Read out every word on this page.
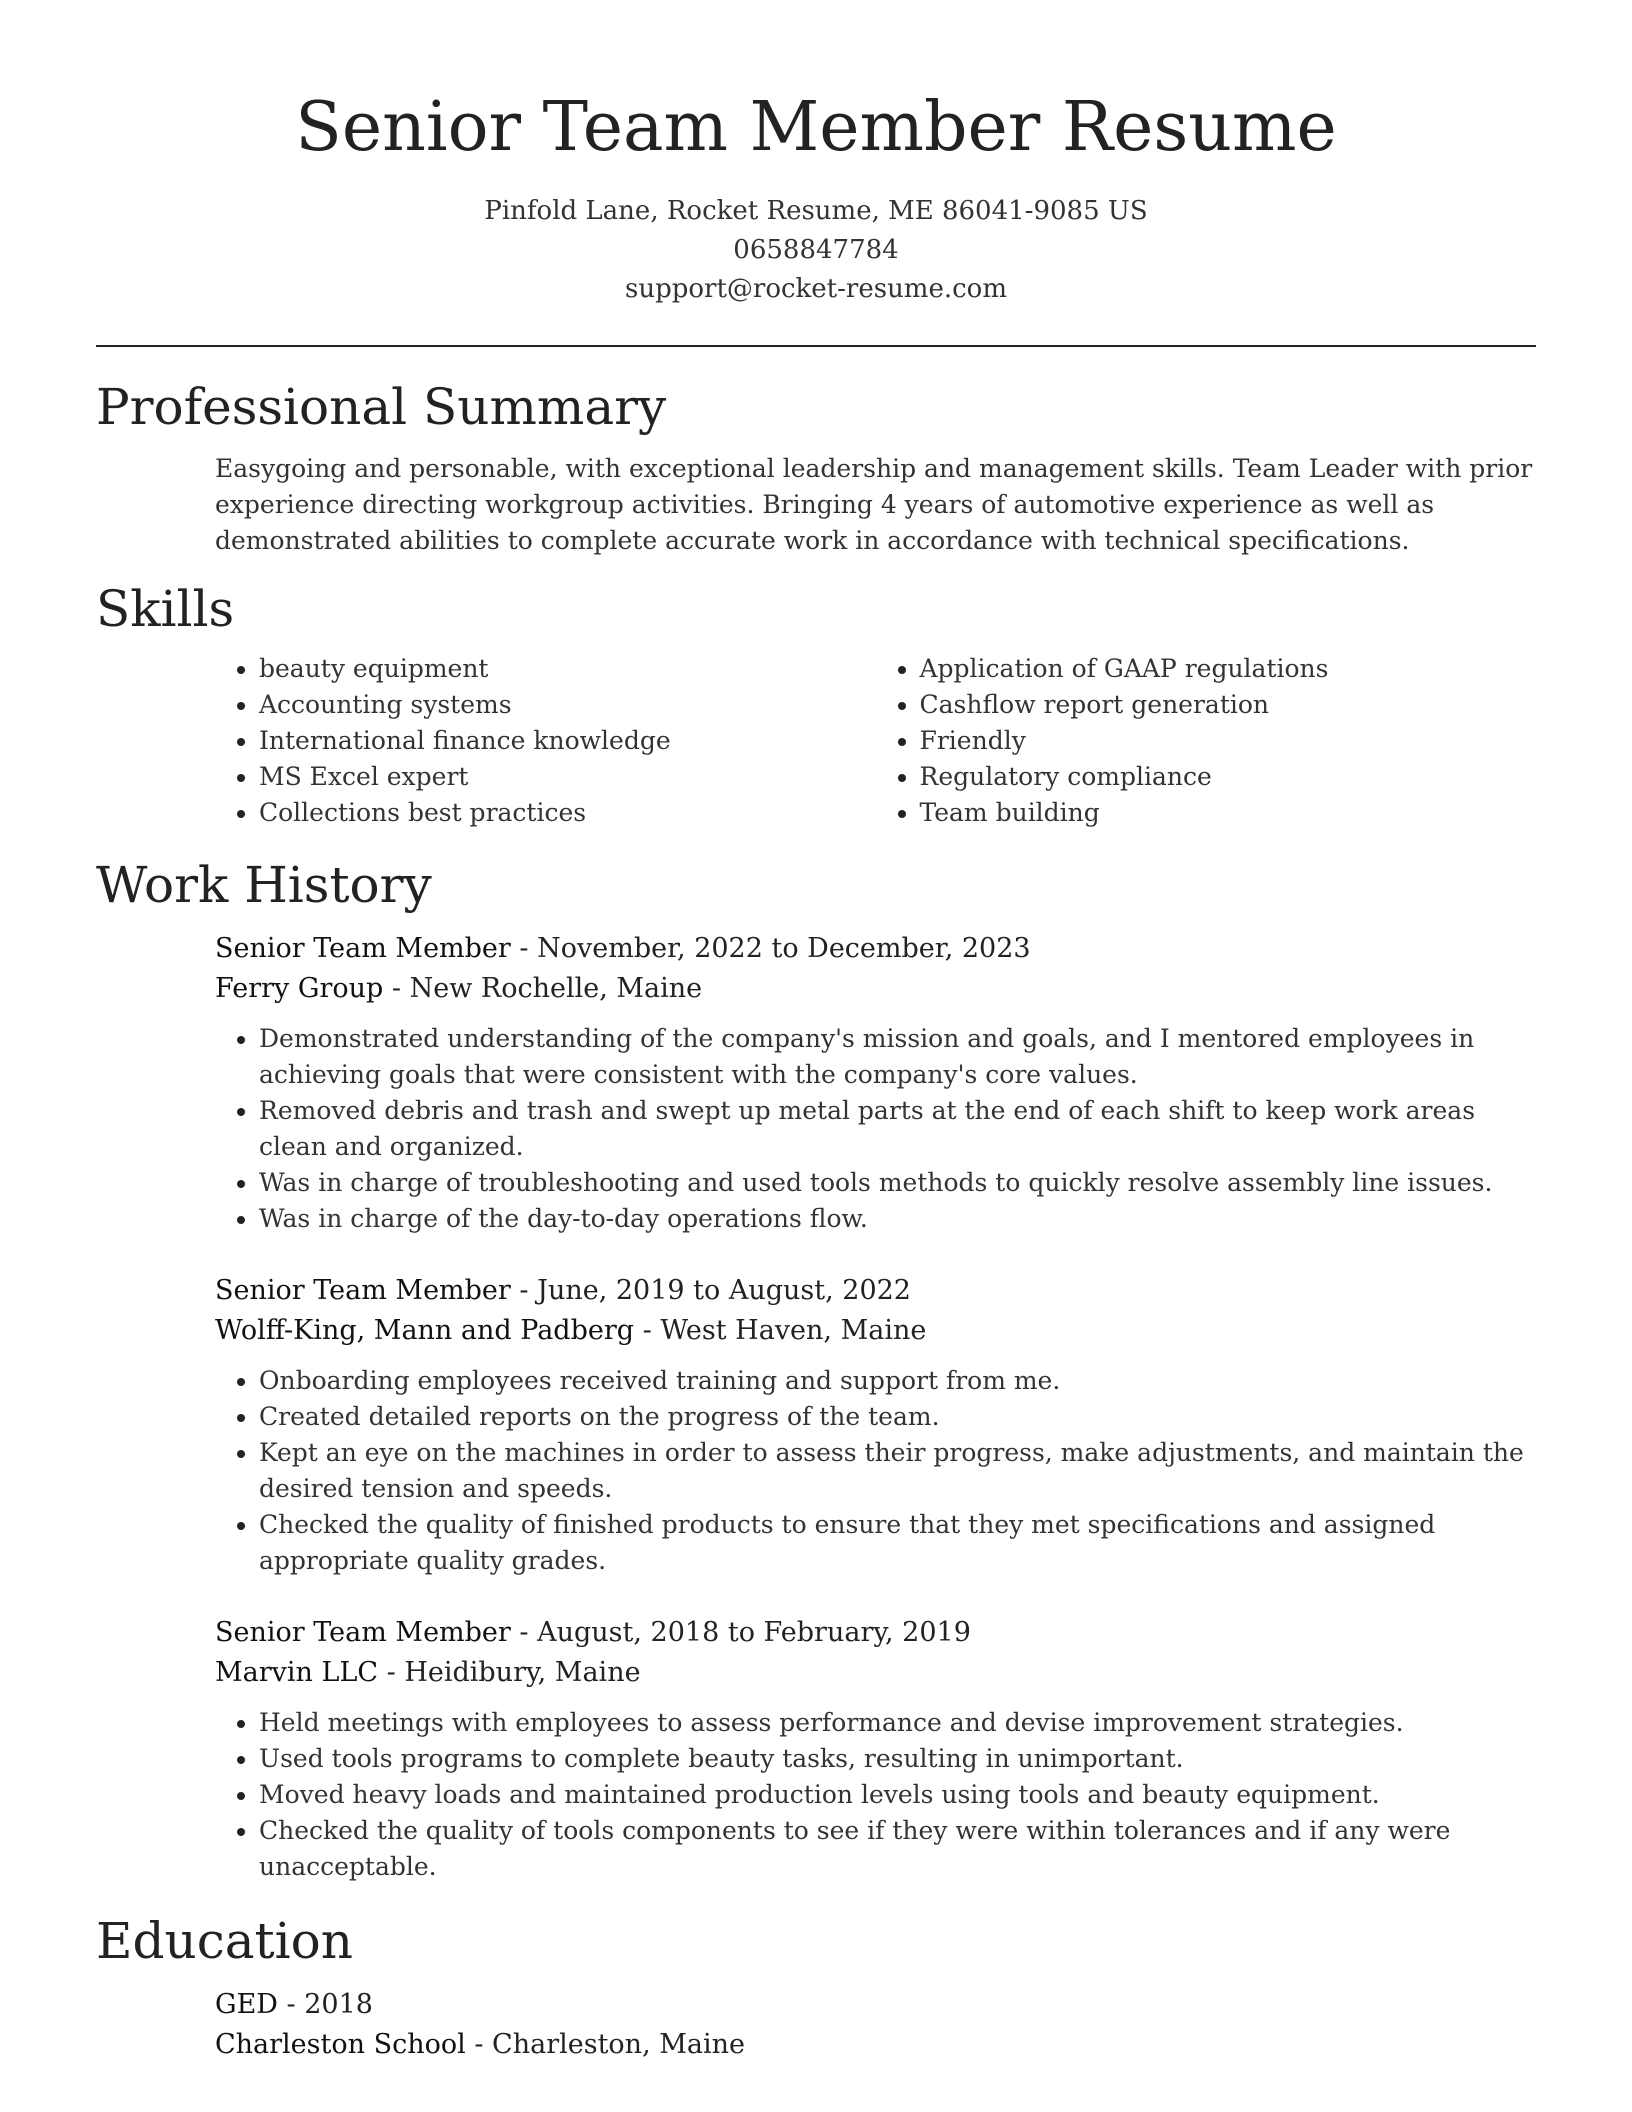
Senior Team Member Resume
Pinfold Lane, Rocket Resume, ME 86041-9085 US
0658847784
support@rocket-resume.com
Professional Summary

Easygoing and personable, with exceptional leadership and management skills. Team Leader with prior experience directing workgroup activities. Bringing 4 years of automotive experience as well as demonstrated abilities to complete accurate work in accordance with technical specifications.

Skills
• beauty equipment
• Accounting systems
• International finance knowledge
• MS Excel expert
• Collections best practices
• Application of GAAP regulations
• Cashflow report generation
• Friendly
• Regulatory compliance
• Team building
Work History
Senior Team Member - November, 2022 to December, 2023
Ferry Group - New Rochelle, Maine
• Demonstrated understanding of the company's mission and goals, and I mentored employees in achieving goals that were consistent with the company's core values.
• Removed debris and trash and swept up metal parts at the end of each shift to keep work areas clean and organized.
• Was in charge of troubleshooting and used tools methods to quickly resolve assembly line issues.
• Was in charge of the day-to-day operations flow.
Senior Team Member - June, 2019 to August, 2022
Wolff-King, Mann and Padberg - West Haven, Maine
• Onboarding employees received training and support from me.
• Created detailed reports on the progress of the team.
• Kept an eye on the machines in order to assess their progress, make adjustments, and maintain the desired tension and speeds.
• Checked the quality of finished products to ensure that they met specifications and assigned appropriate quality grades.
Senior Team Member - August, 2018 to February, 2019
Marvin LLC - Heidibury, Maine
• Held meetings with employees to assess performance and devise improvement strategies.
• Used tools programs to complete beauty tasks, resulting in unimportant.
• Moved heavy loads and maintained production levels using tools and beauty equipment.
• Checked the quality of tools components to see if they were within tolerances and if any were unacceptable.
Education
GED - 2018
Charleston School - Charleston, Maine
